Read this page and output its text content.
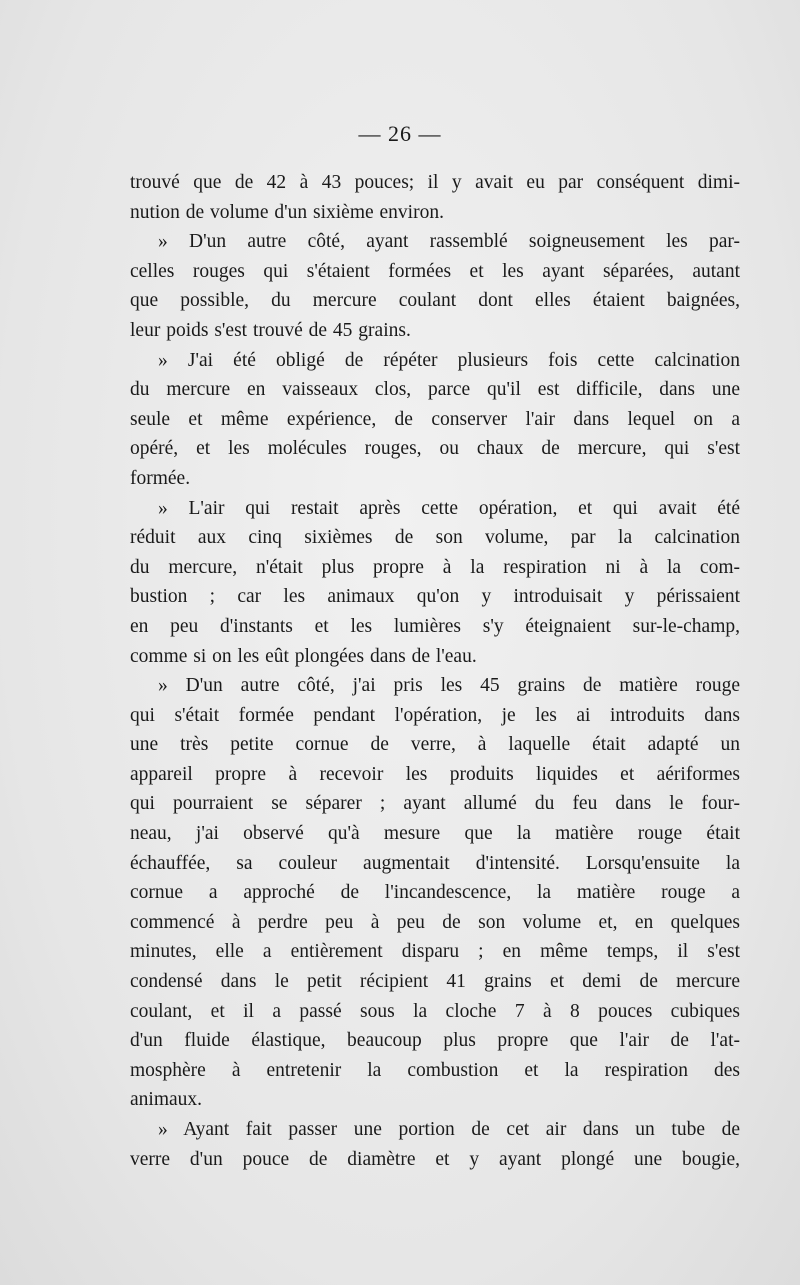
— 26 —
trouvé que de 42 à 43 pouces; il y avait eu par conséquent dimi-
nution de volume d'un sixième environ.
» D'un autre côté, ayant rassemblé soigneusement les par-
celles rouges qui s'étaient formées et les ayant séparées, autant
que possible, du mercure coulant dont elles étaient baignées,
leur poids s'est trouvé de 45 grains.
» J'ai été obligé de répéter plusieurs fois cette calcination
du mercure en vaisseaux clos, parce qu'il est difficile, dans une
seule et même expérience, de conserver l'air dans lequel on a
opéré, et les molécules rouges, ou chaux de mercure, qui s'est
formée.
» L'air qui restait après cette opération, et qui avait été
réduit aux cinq sixièmes de son volume, par la calcination
du mercure, n'était plus propre à la respiration ni à la com-
bustion ; car les animaux qu'on y introduisait y périssaient
en peu d'instants et les lumières s'y éteignaient sur-le-champ,
comme si on les eût plongées dans de l'eau.
» D'un autre côté, j'ai pris les 45 grains de matière rouge
qui s'était formée pendant l'opération, je les ai introduits dans
une très petite cornue de verre, à laquelle était adapté un
appareil propre à recevoir les produits liquides et aériformes
qui pourraient se séparer ; ayant allumé du feu dans le four-
neau, j'ai observé qu'à mesure que la matière rouge était
échauffée, sa couleur augmentait d'intensité. Lorsqu'ensuite la
cornue a approché de l'incandescence, la matière rouge a
commencé à perdre peu à peu de son volume et, en quelques
minutes, elle a entièrement disparu ; en même temps, il s'est
condensé dans le petit récipient 41 grains et demi de mercure
coulant, et il a passé sous la cloche 7 à 8 pouces cubiques
d'un fluide élastique, beaucoup plus propre que l'air de l'at-
mosphère à entretenir la combustion et la respiration des
animaux.
» Ayant fait passer une portion de cet air dans un tube de
verre d'un pouce de diamètre et y ayant plongé une bougie,
